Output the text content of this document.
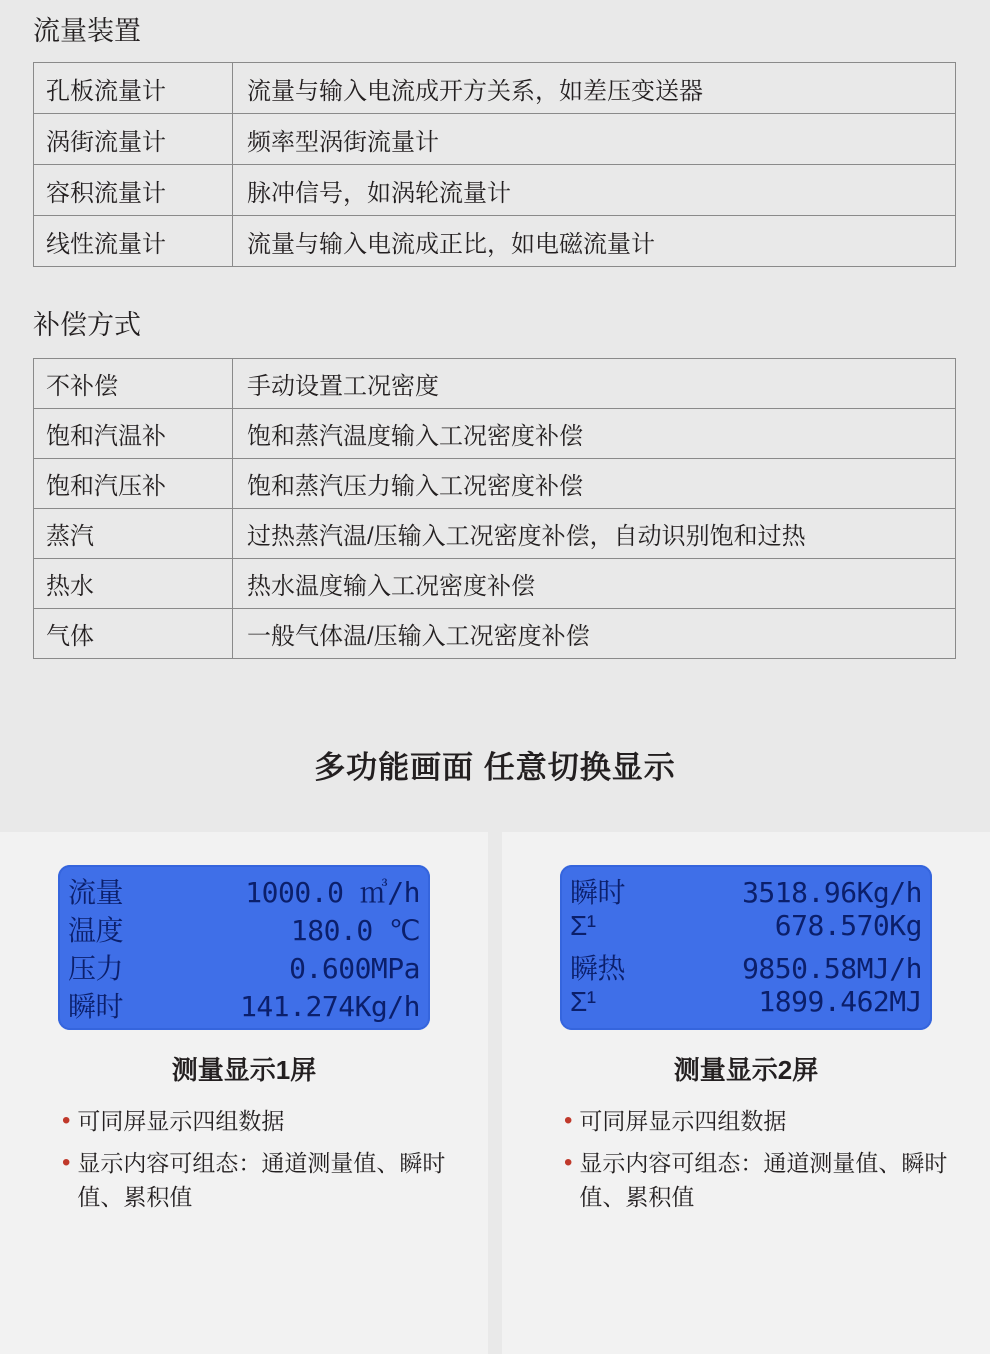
流量装置
孔板流量计	流量与输入电流成开方关系，如差压变送器
涡街流量计	频率型涡街流量计
容积流量计	脉冲信号，如涡轮流量计
线性流量计	流量与输入电流成正比，如电磁流量计
补偿方式
不补偿	手动设置工况密度
饱和汽温补	饱和蒸汽温度输入工况密度补偿
饱和汽压补	饱和蒸汽压力输入工况密度补偿
蒸汽	过热蒸汽温/压输入工况密度补偿，自动识别饱和过热
热水	热水温度输入工况密度补偿
气体	一般气体温/压输入工况密度补偿
多功能画面 任意切换显示
流量	1000.0 ㎥/h
温度	180.0 ℃
压力	0.600MPa
瞬时	141.274Kg/h
测量显示1屏
• 可同屏显示四组数据
• 显示内容可组态：通道测量值、瞬时值、累积值
瞬时	3518.96Kg/h
Σ¹	678.570Kg
瞬热	9850.58MJ/h
Σ¹	1899.462MJ
测量显示2屏
• 可同屏显示四组数据
• 显示内容可组态：通道测量值、瞬时值、累积值
